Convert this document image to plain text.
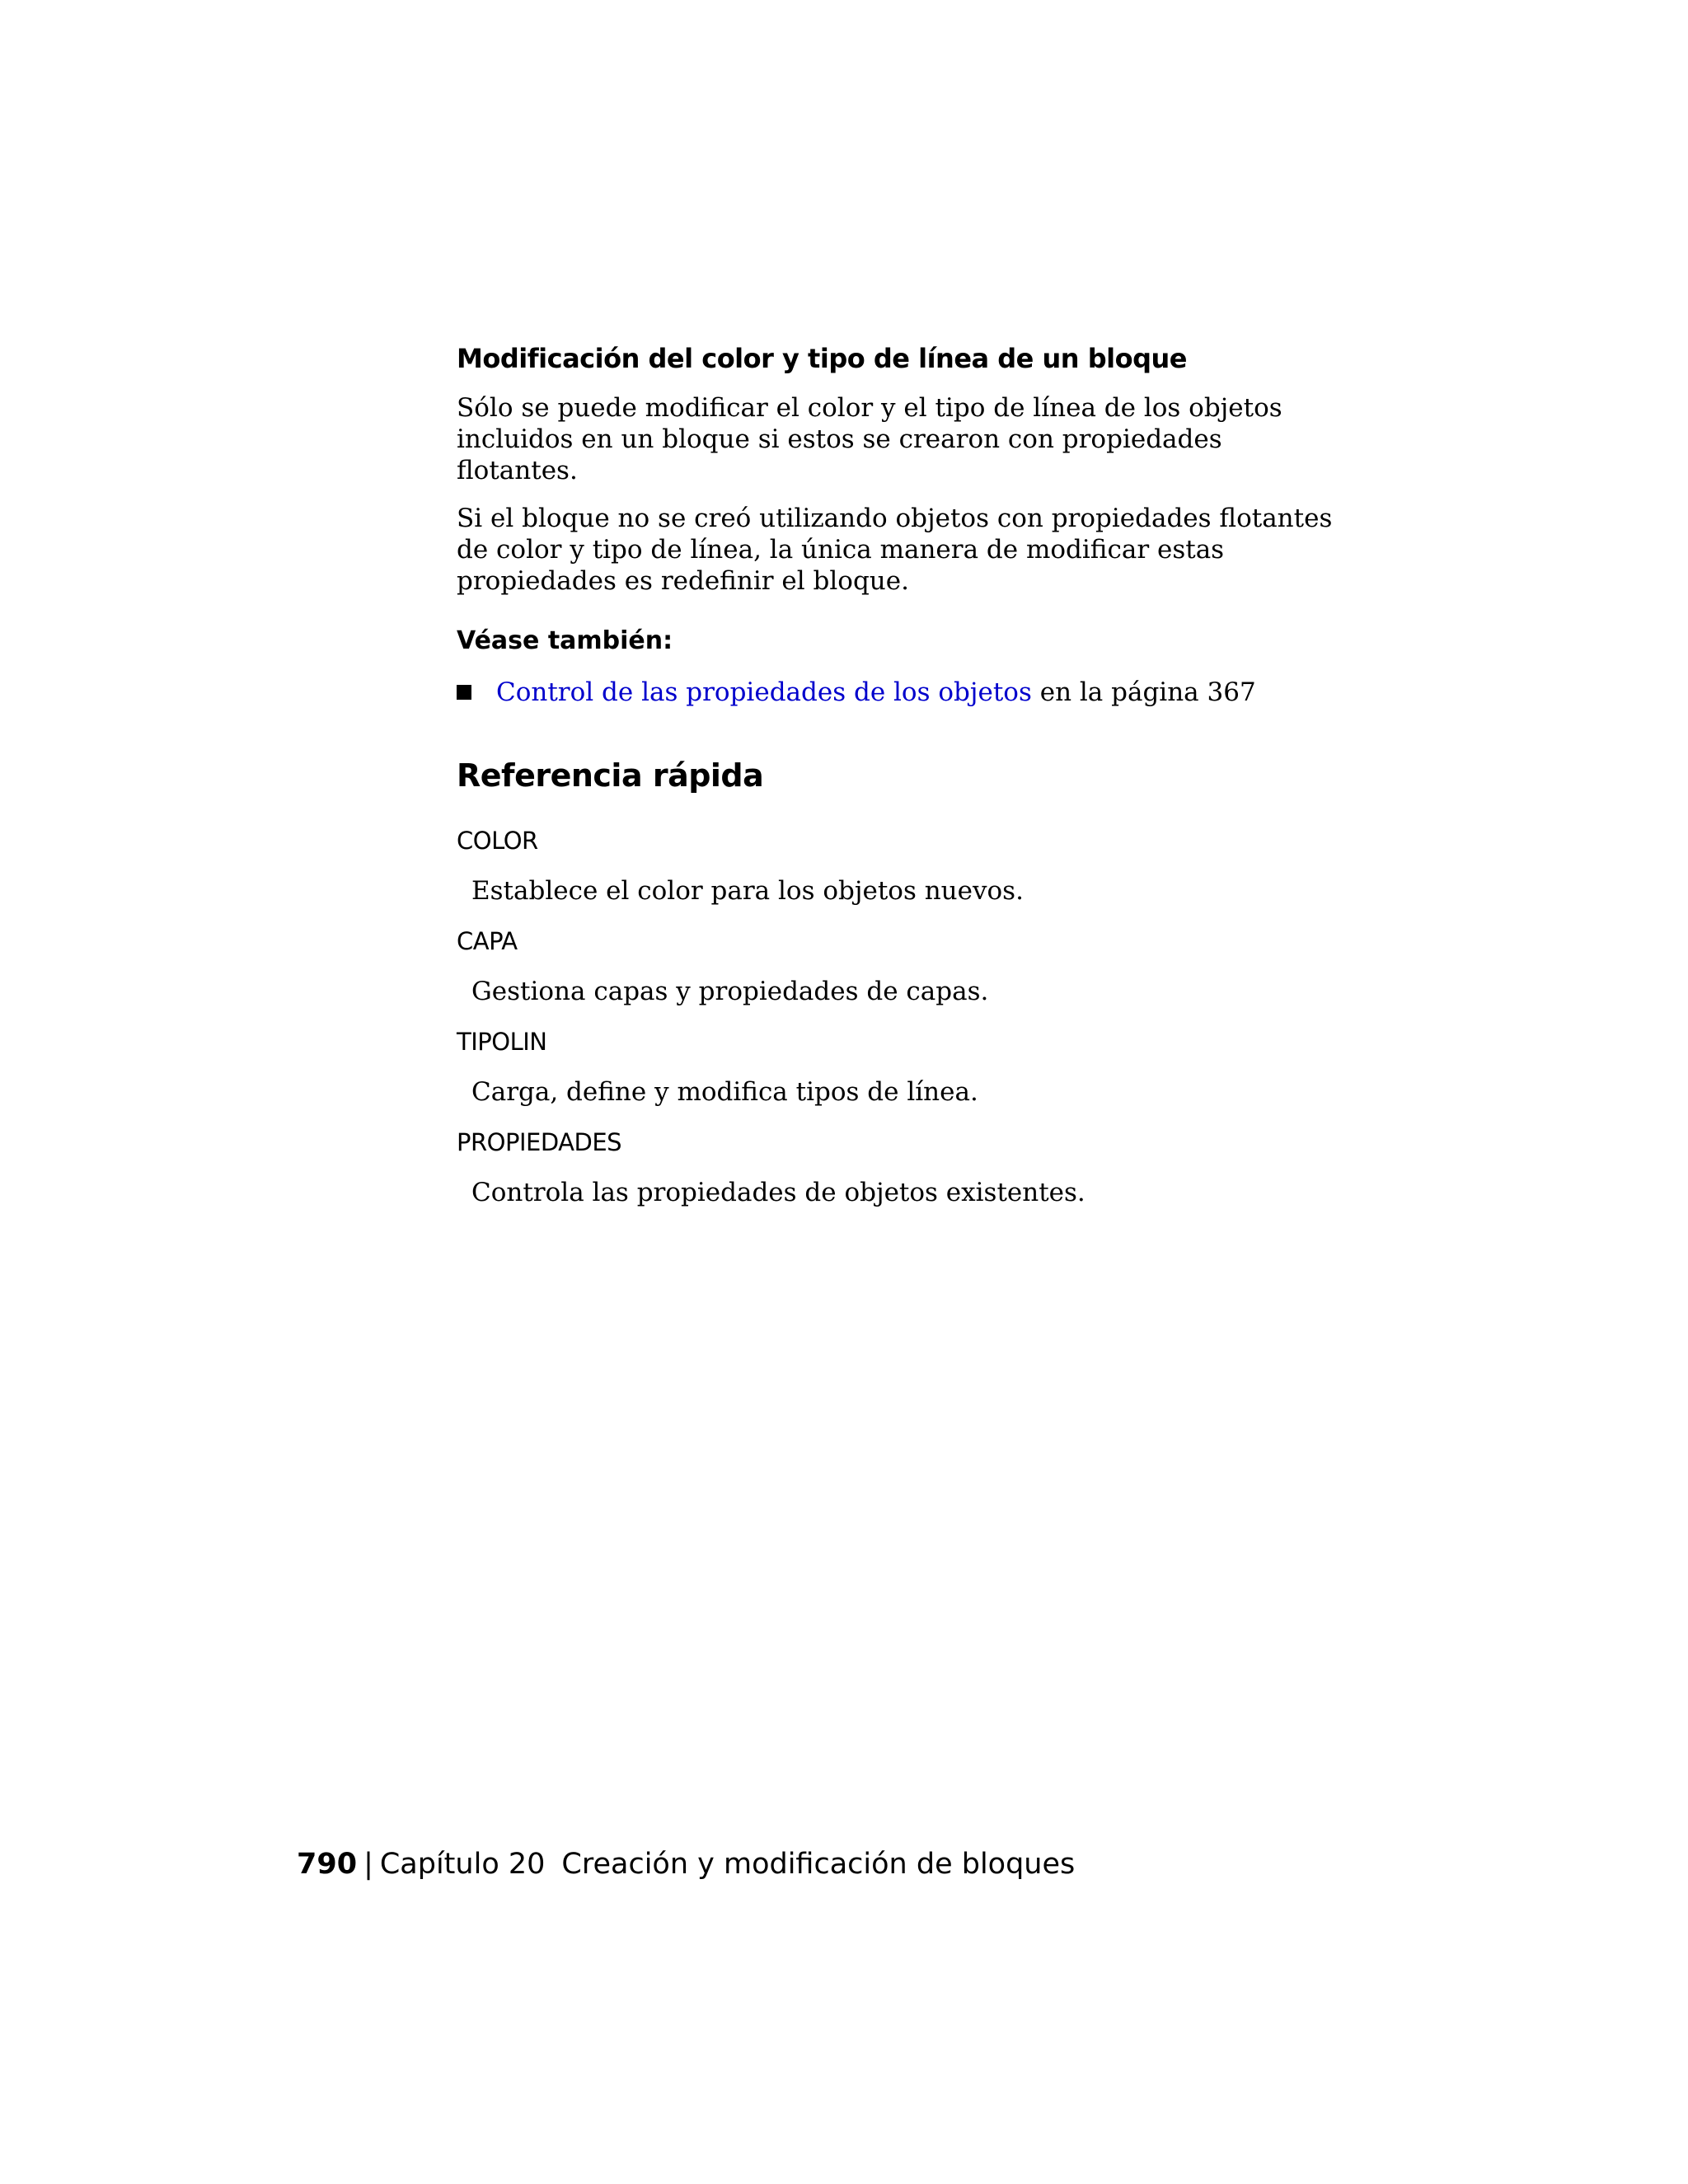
Modificación del color y tipo de línea de un bloque

Sólo se puede modificar el color y el tipo de línea de los objetos incluidos en un bloque si estos se crearon con propiedades flotantes.

Si el bloque no se creó utilizando objetos con propiedades flotantes de color y tipo de línea, la única manera de modificar estas propiedades es redefinir el bloque.

Véase también:
Control de las propiedades de los objetos en la página 367
Referencia rápida
COLOR
Establece el color para los objetos nuevos.
CAPA
Gestiona capas y propiedades de capas.
TIPOLIN
Carga, define y modifica tipos de línea.
PROPIEDADES
Controla las propiedades de objetos existentes.
790 | Capítulo 20 Creación y modificación de bloques
